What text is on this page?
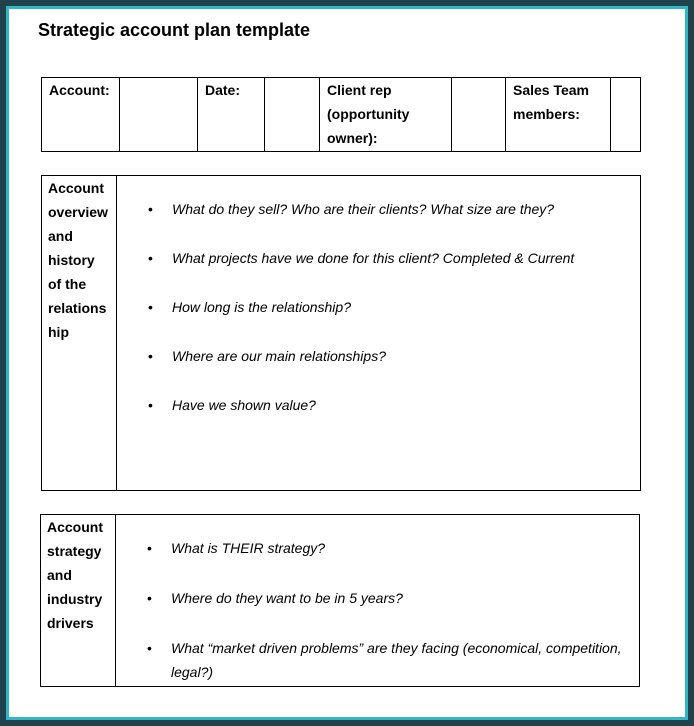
Strategic account plan template
Account:		Date:		Client rep (opportunity owner):		Sales Team members:	
Account overview and history of the relations hip	
• What do they sell? Who are their clients? What size are they?
• What projects have we done for this client? Completed & Current
• How long is the relationship?
• Where are our main relationships?
• Have we shown value?
Account strategy and industry drivers	
• What is THEIR strategy?
• Where do they want to be in 5 years?
• What “market driven problems” are they facing (economical, competition, legal?)
